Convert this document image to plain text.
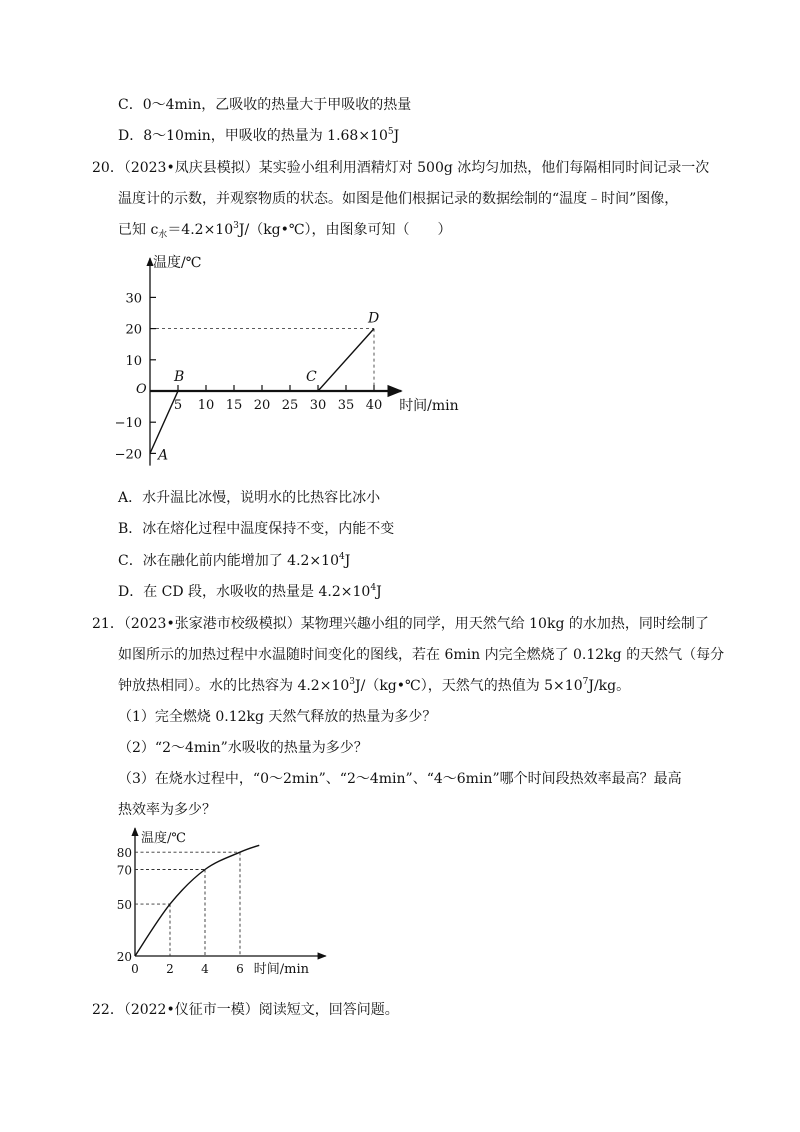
C．0～4min，乙吸收的热量大于甲吸收的热量
D．8～10min，甲吸收的热量为 $1.68\times 10^5J$
20．（2023•凤庆县模拟）某实验小组利用酒精灯对 500g 冰均匀加热，他们每隔相同时间记录一次
温度计的示数，并观察物质的状态。如图是他们根据记录的数据绘制的“温度﹣时间”图像，
已知 $c_水=4.2\times 10^3J/(kg•℃)$，由图象可知（　　）
−20
−10
10
20
30
5 10 15 20 25 30 35 40
温度/℃
时间/min
O
A
B	C
D
A．水升温比冰慢，说明水的比热容比冰小
B．冰在熔化过程中温度保持不变，内能不变
C．冰在融化前内能增加了 $4.2\times 10^4J$
D．在 CD 段，水吸收的热量是 $4.2\times 10^4J$
21．（2023•张家港市校级模拟）某物理兴趣小组的同学，用天然气给 10kg 的水加热，同时绘制了
如图所示的加热过程中水温随时间变化的图线，若在 6min 内完全燃烧了 0.12kg 的天然气（每分
钟放热相同）。水的比热容为 $4.2\times 10^3J/(kg•℃)$，天然气的热值为 $5\times 10^7J/kg$。
（1）完全燃烧 0.12kg 天然气释放的热量为多少？
（2）“2～4min”水吸收的热量为多少？
（3）在烧水过程中，“0～2min”、“2～4min”、“4～6min”哪个时间段热效率最高？最高
热效率为多少？
20
50
70
80
0 2 4 6
温度/℃
时间/min
22．（2022•仪征市一模）阅读短文，回答问题。
